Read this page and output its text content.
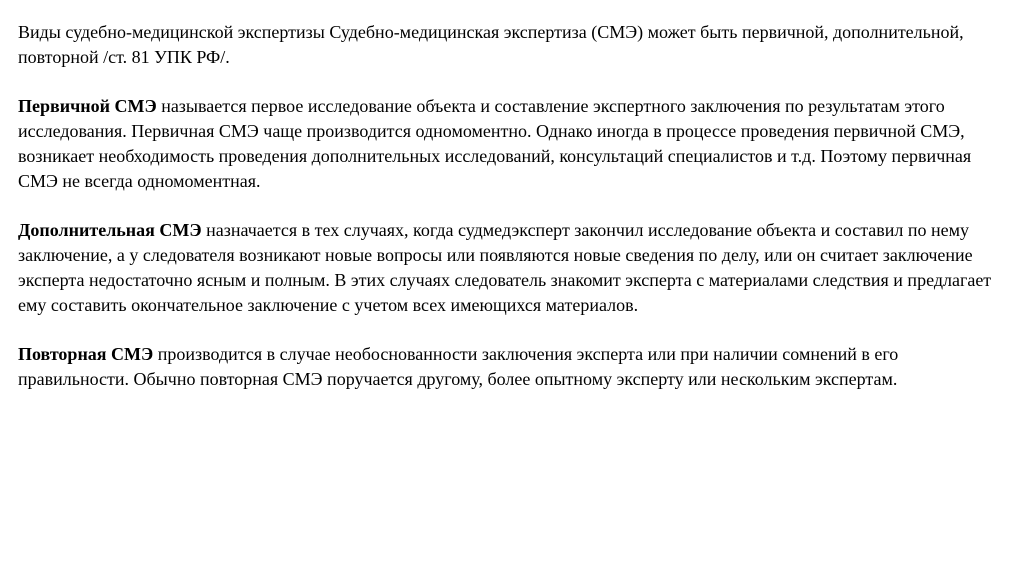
Виды судебно-медицинской экспертизы Судебно-медицинская экспертиза (СМЭ) может быть первичной, дополнительной, повторной /ст. 81 УПК РФ/.

Первичной СМЭ называется первое исследование объекта и составление экспертного заключения по результатам этого исследования. Первичная СМЭ чаще производится одномоментно. Однако иногда в процессе проведения первичной СМЭ, возникает необходимость проведения дополнительных исследований, консультаций специалистов и т.д. Поэтому первичная СМЭ не всегда одномоментная.

Дополнительная СМЭ назначается в тех случаях, когда судмедэксперт закончил исследование объекта и составил по нему заключение, а у следователя возникают новые вопросы или появляются новые сведения по делу, или он считает заключение эксперта недостаточно ясным и полным. В этих случаях следователь знакомит эксперта с материалами следствия и предлагает ему составить окончательное заключение с учетом всех имеющихся материалов.

Повторная СМЭ производится в случае необоснованности заключения эксперта или при наличии сомнений в его правильности. Обычно повторная СМЭ поручается другому, более опытному эксперту или нескольким экспертам.
